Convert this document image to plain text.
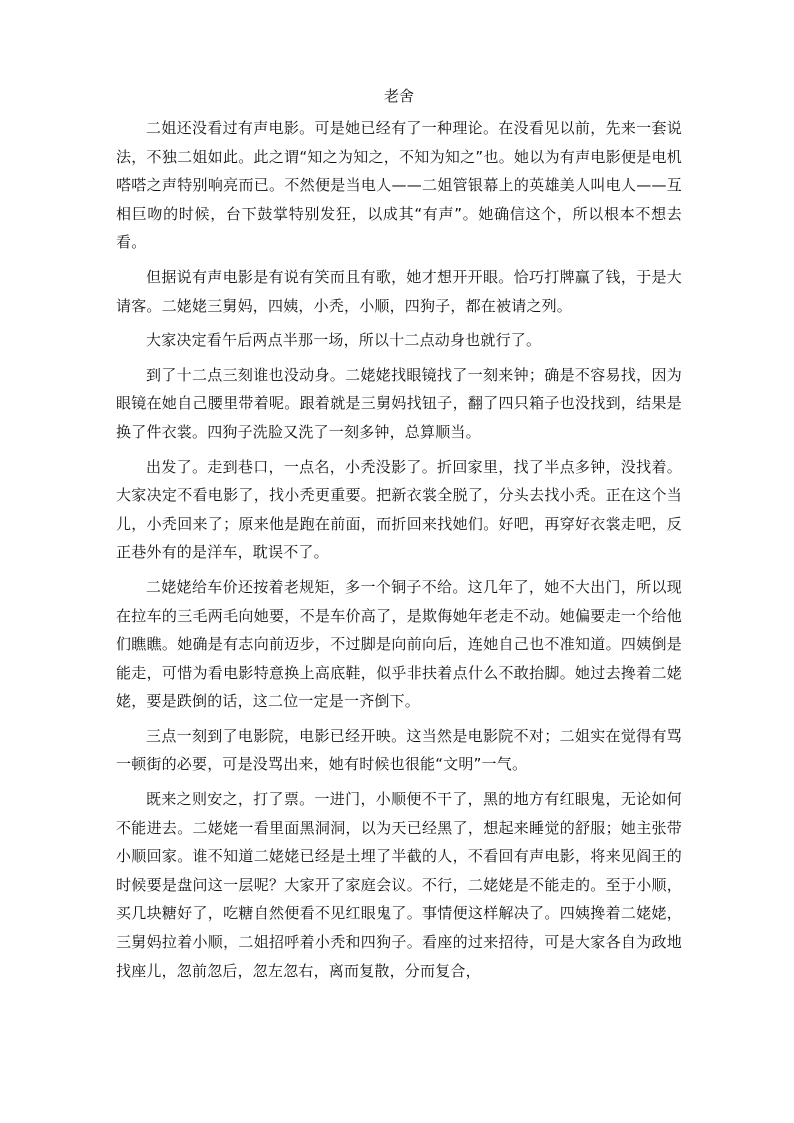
老舍

二姐还没看过有声电影。可是她已经有了一种理论。在没看见以前，先来一套说法，不独二姐如此。此之谓“知之为知之，不知为知之”也。她以为有声电影便是电机嗒嗒之声特别响亮而已。不然便是当电人——二姐管银幕上的英雄美人叫电人——互相巨吻的时候，台下鼓掌特别发狂，以成其“有声”。她确信这个，所以根本不想去看。

但据说有声电影是有说有笑而且有歌，她才想开开眼。恰巧打牌赢了钱，于是大请客。二姥姥三舅妈，四姨，小秃，小顺，四狗子，都在被请之列。

大家决定看午后两点半那一场，所以十二点动身也就行了。

到了十二点三刻谁也没动身。二姥姥找眼镜找了一刻来钟；确是不容易找，因为眼镜在她自己腰里带着呢。跟着就是三舅妈找钮子，翻了四只箱子也没找到，结果是换了件衣裳。四狗子洗脸又洗了一刻多钟，总算顺当。

出发了。走到巷口，一点名，小秃没影了。折回家里，找了半点多钟，没找着。大家决定不看电影了，找小秃更重要。把新衣裳全脱了，分头去找小秃。正在这个当儿，小秃回来了；原来他是跑在前面，而折回来找她们。好吧，再穿好衣裳走吧，反正巷外有的是洋车，耽误不了。

二姥姥给车价还按着老规矩，多一个铜子不给。这几年了，她不大出门，所以现在拉车的三毛两毛向她要，不是车价高了，是欺侮她年老走不动。她偏要走一个给他们瞧瞧。她确是有志向前迈步，不过脚是向前向后，连她自己也不准知道。四姨倒是能走，可惜为看电影特意换上高底鞋，似乎非扶着点什么不敢抬脚。她过去搀着二姥姥，要是跌倒的话，这二位一定是一齐倒下。

三点一刻到了电影院，电影已经开映。这当然是电影院不对；二姐实在觉得有骂一顿街的必要，可是没骂出来，她有时候也很能“文明”一气。

既来之则安之，打了票。一进门，小顺便不干了，黑的地方有红眼鬼，无论如何不能进去。二姥姥一看里面黑洞洞，以为天已经黑了，想起来睡觉的舒服；她主张带小顺回家。谁不知道二姥姥已经是土埋了半截的人，不看回有声电影，将来见阎王的时候要是盘问这一层呢？大家开了家庭会议。不行，二姥姥是不能走的。至于小顺，买几块糖好了，吃糖自然便看不见红眼鬼了。事情便这样解决了。四姨搀着二姥姥，三舅妈拉着小顺，二姐招呼着小秃和四狗子。看座的过来招待，可是大家各自为政地找座儿，忽前忽后，忽左忽右，离而复散，分而复合，
